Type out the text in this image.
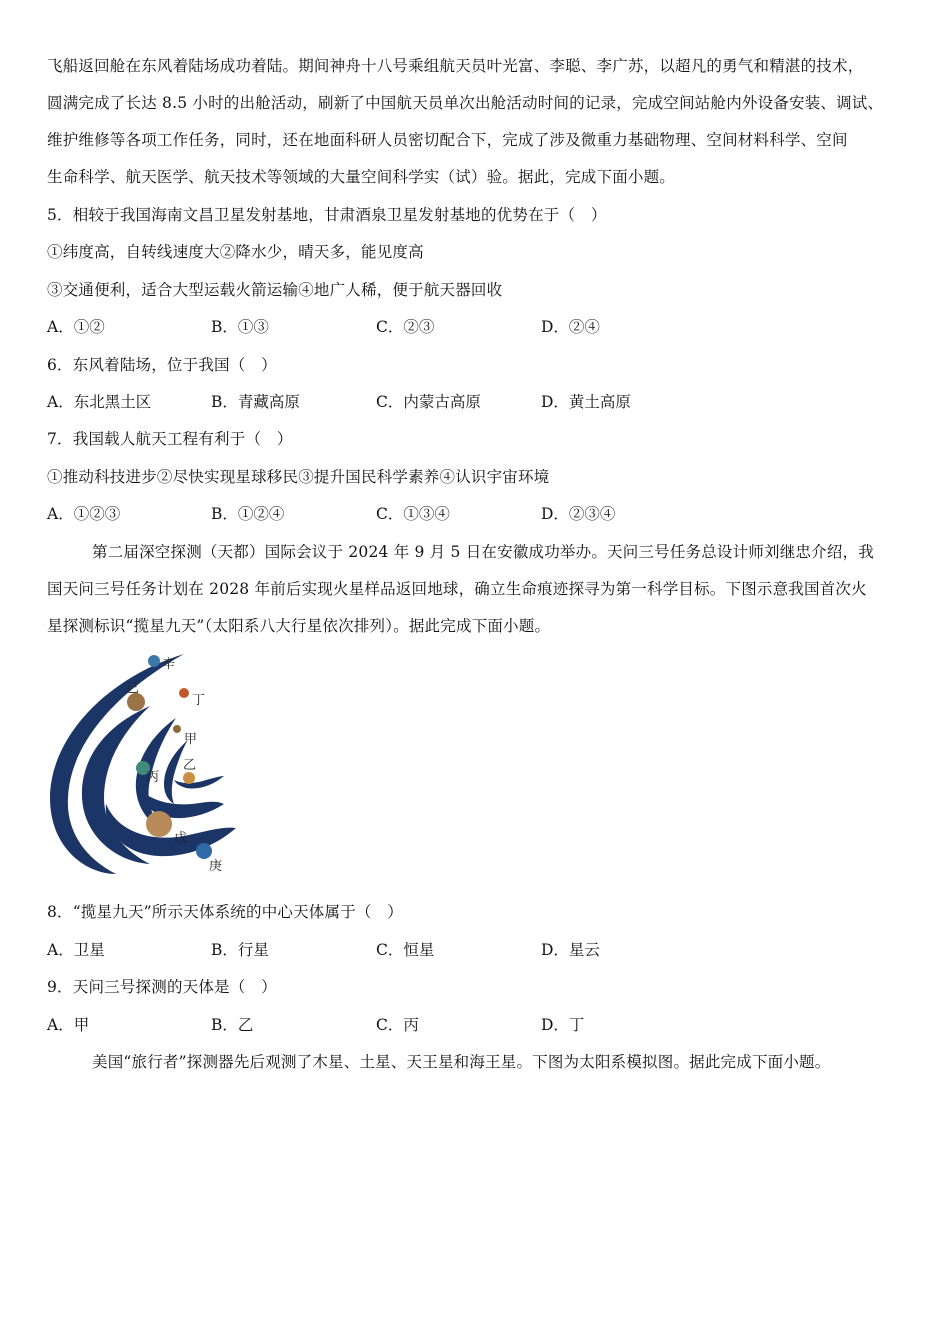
飞船返回舱在东风着陆场成功着陆。期间神舟十八号乘组航天员叶光富、李聪、李广苏，以超凡的勇气和精湛的技术，
圆满完成了长达 8.5 小时的出舱活动，刷新了中国航天员单次出舱活动时间的记录，完成空间站舱内外设备安装、调试、
维护维修等各项工作任务，同时，还在地面科研人员密切配合下，完成了涉及微重力基础物理、空间材料科学、空间
生命科学、航天医学、航天技术等领域的大量空间科学实（试）验。据此，完成下面小题。
5．相较于我国海南文昌卫星发射基地，甘肃酒泉卫星发射基地的优势在于（　）
①纬度高，自转线速度大②降水少，晴天多，能见度高
③交通便利，适合大型运载火箭运输④地广人稀，便于航天器回收
A．①②	B．①③	C．②③	D．②④
6．东风着陆场，位于我国（　）
A．东北黑土区	B．青藏高原	C．内蒙古高原	D．黄土高原
7．我国载人航天工程有利于（　）
①推动科技进步②尽快实现星球移民③提升国民科学素养④认识宇宙环境
A．①②③	B．①②④	C．①③④	D．②③④
第二届深空探测（天都）国际会议于 2024 年 9 月 5 日在安徽成功举办。天问三号任务总设计师刘继忠介绍，我
国天问三号任务计划在 2028 年前后实现火星样品返回地球，确立生命痕迹探寻为第一科学目标。下图示意我国首次火
星探测标识“揽星九天”（太阳系八大行星依次排列）。据此完成下面小题。
辛
己
丁
甲
乙
丙
戊
庚
8．“揽星九天”所示天体系统的中心天体属于（　）
A．卫星	B．行星	C．恒星	D．星云
9．天问三号探测的天体是（　）
A．甲	B．乙	C．丙	D．丁
美国“旅行者”探测器先后观测了木星、土星、天王星和海王星。下图为太阳系模拟图。据此完成下面小题。
